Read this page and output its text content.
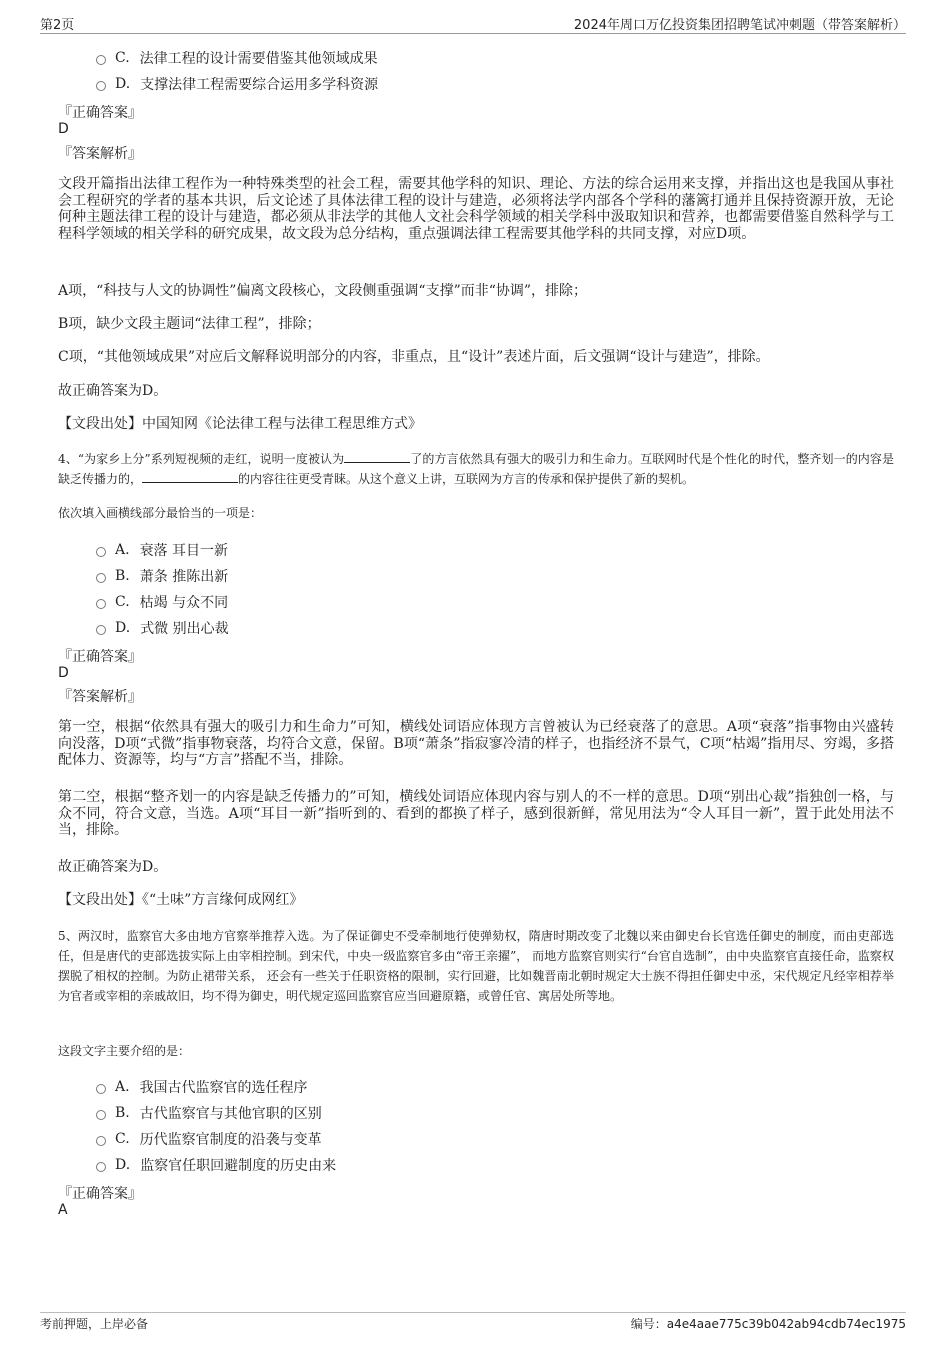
第2页	2024年周口万亿投资集团招聘笔试冲刺题（带答案解析）
C. 法律工程的设计需要借鉴其他领域成果
D. 支撑法律工程需要综合运用多学科资源
『正确答案』
D
『答案解析』
文段开篇指出法律工程作为一种特殊类型的社会工程，需要其他学科的知识、理论、方法的综合运用来支撑，并指出这也是我国从事社会工程研究的学者的基本共识，后文论述了具体法律工程的设计与建造，必须将法学内部各个学科的藩篱打通并且保持资源开放，无论何种主题法律工程的设计与建造，都必须从非法学的其他人文社会科学领域的相关学科中汲取知识和营养，也都需要借鉴自然科学与工程科学领域的相关学科的研究成果，故文段为总分结构，重点强调法律工程需要其他学科的共同支撑，对应D项。
A项，“科技与人文的协调性”偏离文段核心，文段侧重强调“支撑”而非“协调”，排除；
B项，缺少文段主题词“法律工程”，排除；
C项，“其他领域成果”对应后文解释说明部分的内容，非重点，且“设计”表述片面，后文强调“设计与建造”，排除。
故正确答案为D。
【文段出处】中国知网《论法律工程与法律工程思维方式》
4、“为家乡上分”系列短视频的走红，说明一度被认为	了的方言依然具有强大的吸引力和生命力。互联网时代是个性化的时代，整齐划一的内容是缺乏传播力的，	的内容往往更受青睐。从这个意义上讲，互联网为方言的传承和保护提供了新的契机。
依次填入画横线部分最恰当的一项是：
A. 衰落 耳目一新
B. 萧条 推陈出新
C. 枯竭 与众不同
D. 式微 别出心裁
『正确答案』
D
『答案解析』
第一空，根据“依然具有强大的吸引力和生命力”可知，横线处词语应体现方言曾被认为已经衰落了的意思。A项“衰落”指事物由兴盛转向没落，D项“式微”指事物衰落，均符合文意，保留。B项“萧条”指寂寥冷清的样子，也指经济不景气，C项“枯竭”指用尽、穷竭，多搭配体力、资源等，均与“方言”搭配不当，排除。
第二空，根据“整齐划一的内容是缺乏传播力的”可知，横线处词语应体现内容与别人的不一样的意思。D项“别出心裁”指独创一格，与众不同，符合文意，当选。A项“耳目一新”指听到的、看到的都换了样子，感到很新鲜，常见用法为“令人耳目一新”，置于此处用法不当，排除。
故正确答案为D。
【文段出处】《“土味”方言缘何成网红》
5、两汉时，监察官大多由地方官察举推荐入选。为了保证御史不受牵制地行使弹劾权，隋唐时期改变了北魏以来由御史台长官选任御史的制度，而由吏部选任，但是唐代的吏部选拔实际上由宰相控制。到宋代，中央一级监察官多由“帝王亲擢”， 而地方监察官则实行“台官自选制”，由中央监察官直接任命，监察权摆脱了相权的控制。为防止裙带关系， 还会有一些关于任职资格的限制，实行回避，比如魏晋南北朝时规定大士族不得担任御史中丞，宋代规定凡经宰相荐举为官者或宰相的亲戚故旧，均不得为御史，明代规定巡回监察官应当回避原籍，或曾任官、寓居处所等地。
这段文字主要介绍的是：
A. 我国古代监察官的选任程序
B. 古代监察官与其他官职的区别
C. 历代监察官制度的沿袭与变革
D. 监察官任职回避制度的历史由来
『正确答案』
A
考前押题，上岸必备	编号：a4e4aae775c39b042ab94cdb74ec1975
